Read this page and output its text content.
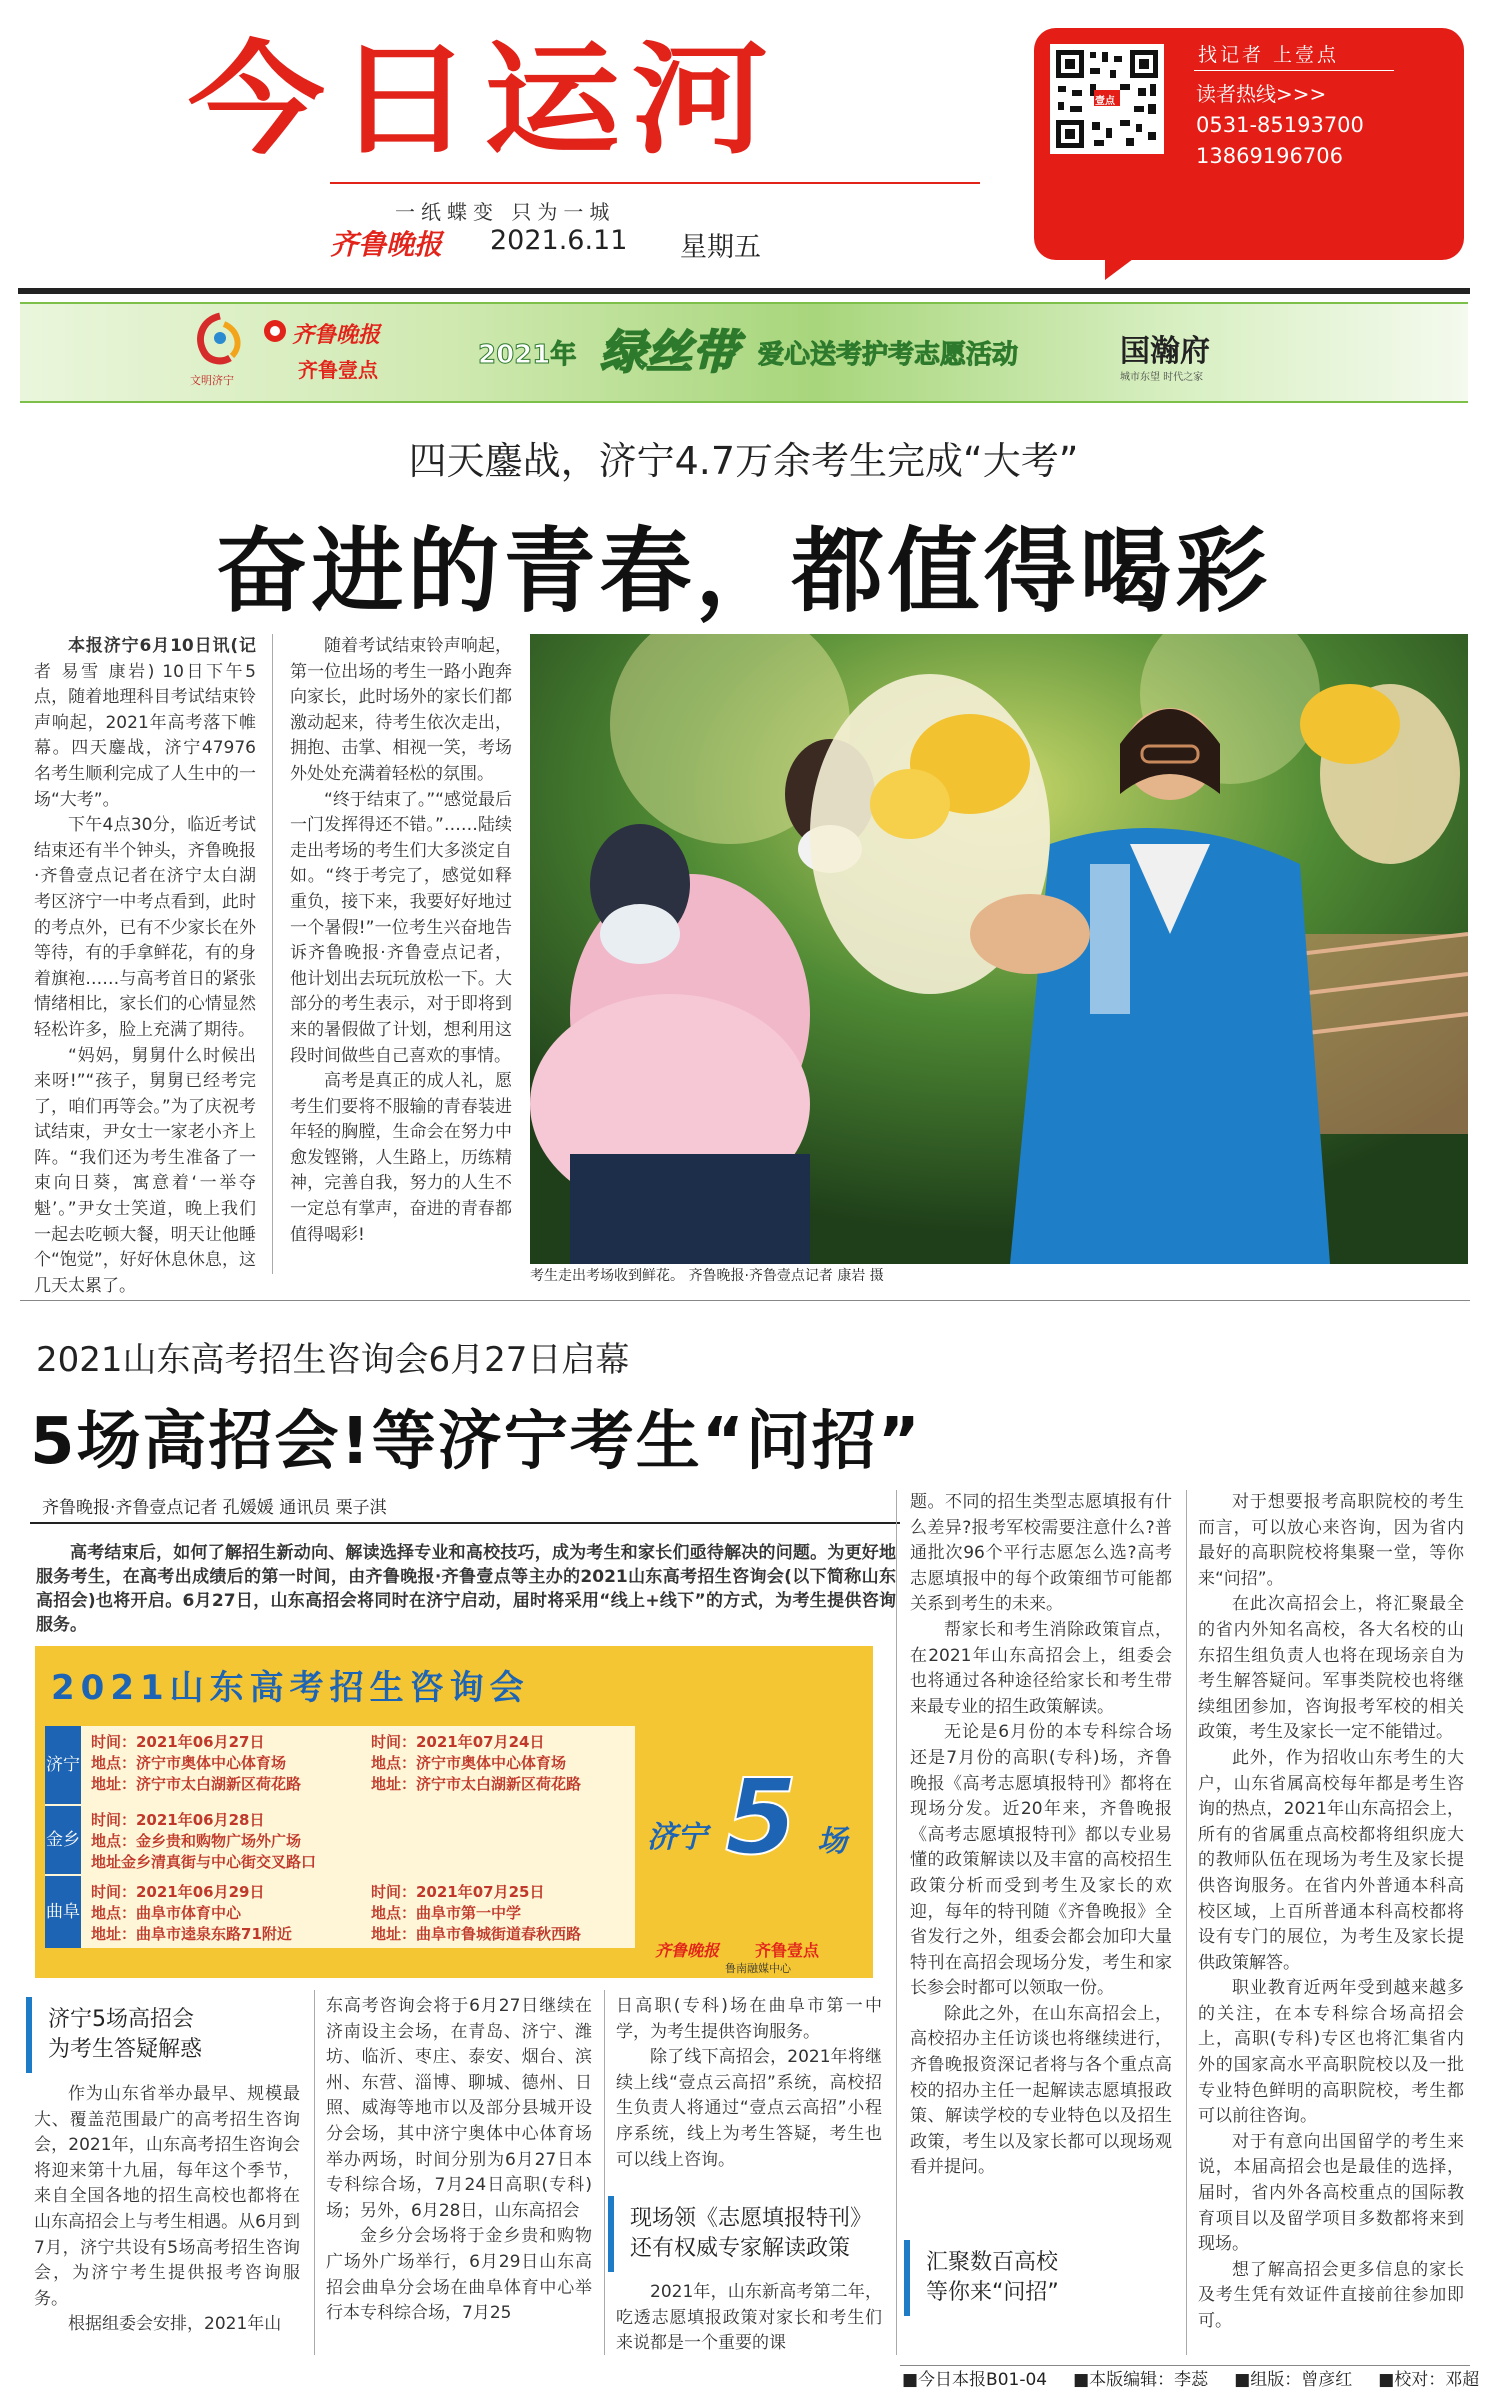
今日运河
一纸蝶变 只为一城
齐鲁晚报 2021.6.11 星期五
壹点
找记者 上壹点
读者热线>>>
0531-85193700
13869196706
文明济宁
齐鲁晚报
齐鲁壹点	2021年 绿丝带 爱心送考护考志愿活动	国瀚府
城市东望 时代之家
四天鏖战，济宁4.7万余考生完成“大考”
奋进的青春，都值得喝彩

本报济宁6月10日讯(记者 易雪 康岩) 10日下午5点，随着地理科目考试结束铃声响起，2021年高考落下帷幕。四天鏖战，济宁47976名考生顺利完成了人生中的一场“大考”。

下午4点30分，临近考试结束还有半个钟头，齐鲁晚报·齐鲁壹点记者在济宁太白湖考区济宁一中考点看到，此时的考点外，已有不少家长在外等待，有的手拿鲜花，有的身着旗袍……与高考首日的紧张情绪相比，家长们的心情显然轻松许多，脸上充满了期待。

“妈妈，舅舅什么时候出来呀!”“孩子，舅舅已经考完了，咱们再等会。”为了庆祝考试结束，尹女士一家老小齐上阵。“我们还为考生准备了一束向日葵，寓意着‘一举夺魁’。”尹女士笑道，晚上我们一起去吃顿大餐，明天让他睡个“饱觉”，好好休息休息，这几天太累了。

随着考试结束铃声响起，第一位出场的考生一路小跑奔向家长，此时场外的家长们都激动起来，待考生依次走出，拥抱、击掌、相视一笑，考场外处处充满着轻松的氛围。

“终于结束了。”“感觉最后一门发挥得还不错。”……陆续走出考场的考生们大多淡定自如。“终于考完了，感觉如释重负，接下来，我要好好地过一个暑假!”一位考生兴奋地告诉齐鲁晚报·齐鲁壹点记者，他计划出去玩玩放松一下。大部分的考生表示，对于即将到来的暑假做了计划，想利用这段时间做些自己喜欢的事情。

高考是真正的成人礼，愿考生们要将不服输的青春装进年轻的胸膛，生命会在努力中愈发铿锵，人生路上，历练精神，完善自我，努力的人生不一定总有掌声，奋进的青春都值得喝彩!

考生走出考场收到鲜花。 齐鲁晚报·齐鲁壹点记者 康岩 摄
2021山东高考招生咨询会6月27日启幕
5场高招会!等济宁考生“问招”
齐鲁晚报·齐鲁壹点记者 孔媛媛 通讯员 栗子淇
高考结束后，如何了解招生新动向、解读选择专业和高校技巧，成为考生和家长们亟待解决的问题。为更好地服务考生，在高考出成绩后的第一时间，由齐鲁晚报·齐鲁壹点等主办的2021山东高考招生咨询会(以下简称山东高招会)也将开启。6月27日，山东高招会将同时在济宁启动，届时将采用“线上+线下”的方式，为考生提供咨询服务。
2021山东高考招生咨询会
济宁
金乡
曲阜
时间：2021年06月27日
地点：济宁市奥体中心体育场
地址：济宁市太白湖新区荷花路
时间：2021年07月24日
地点：济宁市奥体中心体育场
地址：济宁市太白湖新区荷花路
时间：2021年06月28日
地点：金乡贵和购物广场外广场
地址金乡清真街与中心街交叉路口
时间：2021年06月29日
地点：曲阜市体育中心
地址：曲阜市逵泉东路71附近
时间：2021年07月25日
地点：曲阜市第一中学
地址：曲阜市鲁城街道春秋西路
济宁 5 场
齐鲁晚报 齐鲁壹点
鲁南融媒中心
济宁5场高招会
为考生答疑解惑

作为山东省举办最早、规模最大、覆盖范围最广的高考招生咨询会，2021年，山东高考招生咨询会将迎来第十九届，每年这个季节，来自全国各地的招生高校也都将在山东高招会上与考生相遇。从6月到7月，济宁共设有5场高考招生咨询会，为济宁考生提供报考咨询服务。

根据组委会安排，2021年山

东高考咨询会将于6月27日继续在济南设主会场，在青岛、济宁、潍坊、临沂、枣庄、泰安、烟台、滨州、东营、淄博、聊城、德州、日照、威海等地市以及部分县城开设分会场，其中济宁奥体中心体育场举办两场，时间分别为6月27日本专科综合场，7月24日高职(专科)场；另外，6月28日，山东高招会

金乡分会场将于金乡贵和购物广场外广场举行，6月29日山东高招会曲阜分会场在曲阜体育中心举行本专科综合场，7月25

日高职(专科)场在曲阜市第一中学，为考生提供咨询服务。

除了线下高招会，2021年将继续上线“壹点云高招”系统，高校招生负责人将通过“壹点云高招”小程序系统，线上为考生答疑，考生也可以线上咨询。

现场领《志愿填报特刊》
还有权威专家解读政策

2021年，山东新高考第二年，吃透志愿填报政策对家长和考生们来说都是一个重要的课

题。不同的招生类型志愿填报有什么差异?报考军校需要注意什么?普通批次96个平行志愿怎么选?高考志愿填报中的每个政策细节可能都关系到考生的未来。

帮家长和考生消除政策盲点，在2021年山东高招会上，组委会也将通过各种途径给家长和考生带来最专业的招生政策解读。

无论是6月份的本专科综合场还是7月份的高职(专科)场，齐鲁晚报《高考志愿填报特刊》都将在现场分发。近20年来，齐鲁晚报《高考志愿填报特刊》都以专业易懂的政策解读以及丰富的高校招生政策分析而受到考生及家长的欢迎，每年的特刊随《齐鲁晚报》全省发行之外，组委会都会加印大量特刊在高招会现场分发，考生和家长参会时都可以领取一份。

除此之外，在山东高招会上，高校招办主任访谈也将继续进行，齐鲁晚报资深记者将与各个重点高校的招办主任一起解读志愿填报政策、解读学校的专业特色以及招生政策，考生以及家长都可以现场观看并提问。

汇聚数百高校
等你来“问招”

对于想要报考高职院校的考生而言，可以放心来咨询，因为省内最好的高职院校将集聚一堂，等你来“问招”。

在此次高招会上，将汇聚最全的省内外知名高校，各大名校的山东招生组负责人也将在现场亲自为考生解答疑问。军事类院校也将继续组团参加，咨询报考军校的相关政策，考生及家长一定不能错过。

此外，作为招收山东考生的大户，山东省属高校每年都是考生咨询的热点，2021年山东高招会上，所有的省属重点高校都将组织庞大的教师队伍在现场为考生及家长提供咨询服务。在省内外普通本科高校区域，上百所普通本科高校都将设有专门的展位，为考生及家长提供政策解答。

职业教育近两年受到越来越多的关注，在本专科综合场高招会上，高职(专科)专区也将汇集省内外的国家高水平高职院校以及一批专业特色鲜明的高职院校，考生都可以前往咨询。

对于有意向出国留学的考生来说，本届高招会也是最佳的选择，届时，省内外各高校重点的国际教育项目以及留学项目多数都将来到现场。

想了解高招会更多信息的家长及考生凭有效证件直接前往参加即可。

■今日本报B01-04 ■本版编辑：李蕊 ■组版：曾彦红 ■校对：邓超
